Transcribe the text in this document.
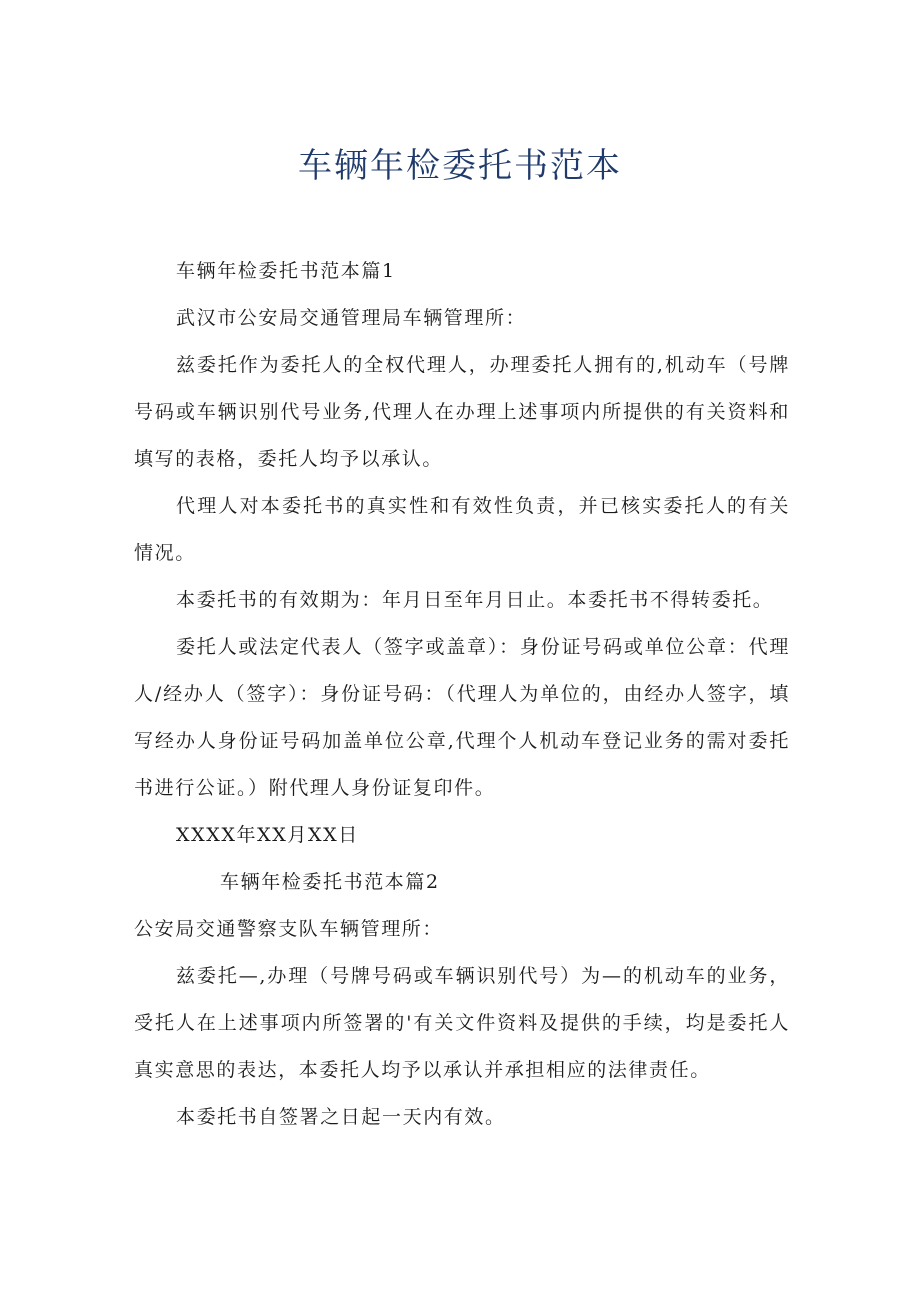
车辆年检委托书范本

车辆年检委托书范本篇1

武汉市公安局交通管理局车辆管理所：

兹委托作为委托人的全权代理人，办理委托人拥有的,机动车（号牌号码或车辆识别代号业务,代理人在办理上述事项内所提供的有关资料和填写的表格，委托人均予以承认。

代理人对本委托书的真实性和有效性负责，并已核实委托人的有关情况。

本委托书的有效期为：年月日至年月日止。本委托书不得转委托。

委托人或法定代表人（签字或盖章）：身份证号码或单位公章：代理人/经办人（签字）：身份证号码：（代理人为单位的，由经办人签字，填写经办人身份证号码加盖单位公章,代理个人机动车登记业务的需对委托书进行公证。）附代理人身份证复印件。

XXXX年XX月XX日

车辆年检委托书范本篇2

公安局交通警察支队车辆管理所：

兹委托—,办理（号牌号码或车辆识别代号）为—的机动车的业务，受托人在上述事项内所签署的'有关文件资料及提供的手续，均是委托人真实意思的表达，本委托人均予以承认并承担相应的法律责任。

本委托书自签署之日起一天内有效。
